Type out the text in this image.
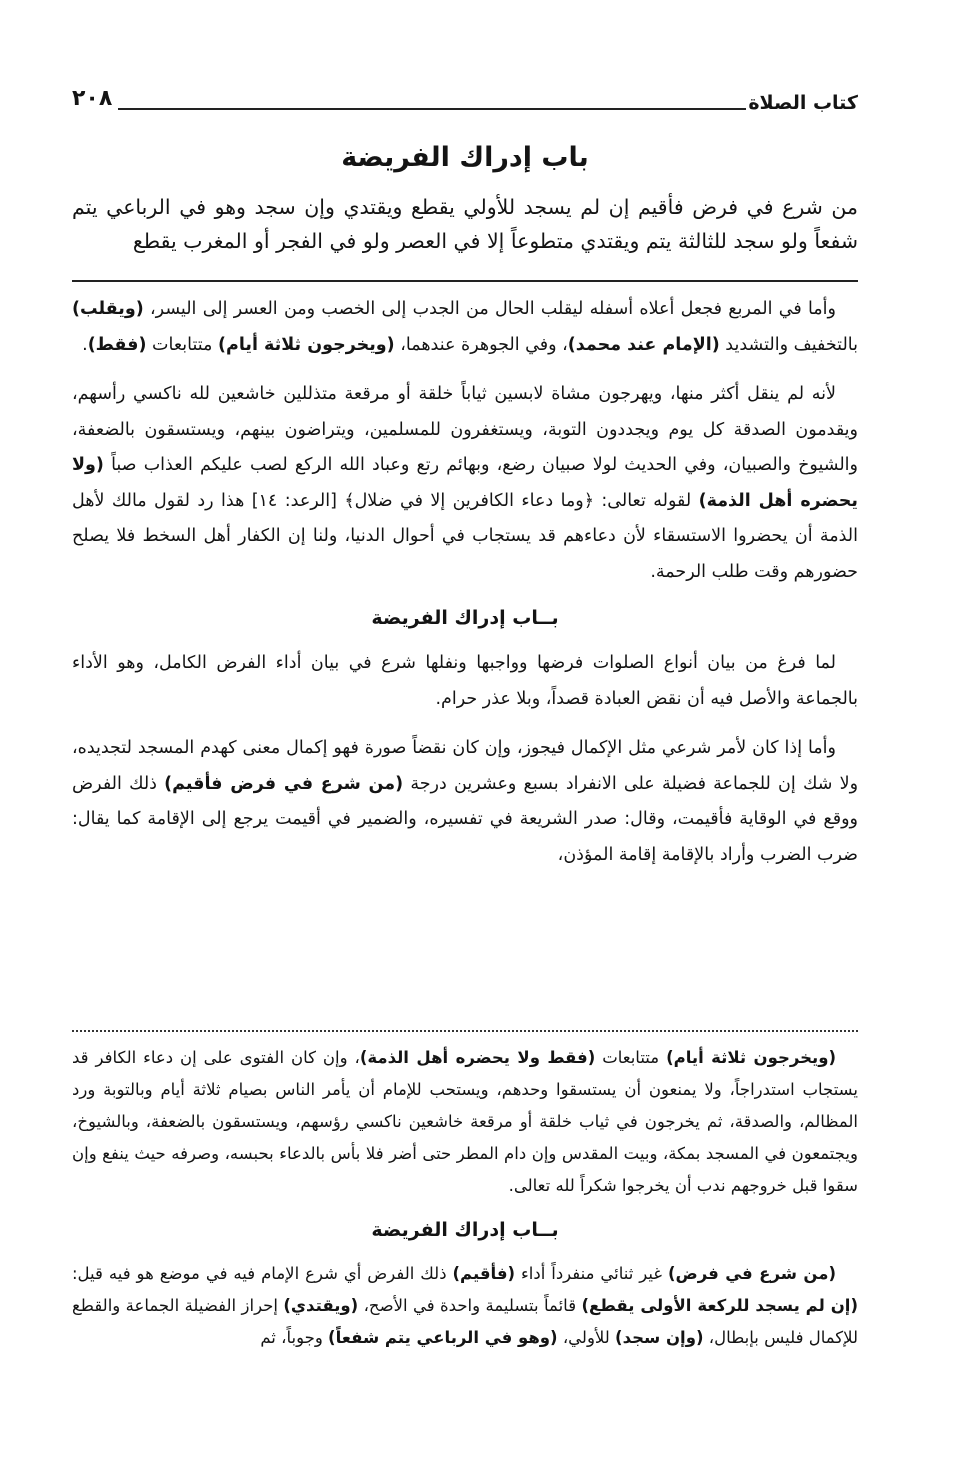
كتاب الصلاة
٢٠٨
باب إدراك الفريضة

من شرع في فرض فأقيم إن لم يسجد للأولي يقطع ويقتدي وإن سجد وهو في الرباعي يتم شفعاً ولو سجد للثالثة يتم ويقتدي متطوعاً إلا في العصر ولو في الفجر أو المغرب يقطع

وأما في المربع فجعل أعلاه أسفله ليقلب الحال من الجدب إلى الخصب ومن العسر إلى اليسر، (ويقلب) بالتخفيف والتشديد (الإمام عند محمد)، وفي الجوهرة عندهما، (ويخرجون ثلاثة أيام) متتابعات (فقط).

لأنه لم ينقل أكثر منها، ويهرجون مشاة لابسين ثياباً خلقة أو مرقعة متذللين خاشعين لله ناكسي رأسهم، ويقدمون الصدقة كل يوم ويجددون التوبة، ويستغفرون للمسلمين، ويتراضون بينهم، ويستسقون بالضعفة، والشيوخ والصبيان، وفي الحديث لولا صبيان رضع، وبهائم رتع وعباد الله الركع لصب عليكم العذاب صباً (ولا يحضره أهل الذمة) لقوله تعالى: ﴿وما دعاء الكافرين إلا في ضلال﴾ [الرعد: ١٤] هذا رد لقول مالك لأهل الذمة أن يحضروا الاستسقاء لأن دعاءهم قد يستجاب في أحوال الدنيا، ولنا إن الكفار أهل السخط فلا يصلح حضورهم وقت طلب الرحمة.

بــاب إدراك الفريضة

لما فرغ من بيان أنواع الصلوات فرضها وواجبها ونفلها شرع في بيان أداء الفرض الكامل، وهو الأداء بالجماعة والأصل فيه أن نقض العبادة قصداً، وبلا عذر حرام.

وأما إذا كان لأمر شرعي مثل الإكمال فيجوز، وإن كان نقضاً صورة فهو إكمال معنى كهدم المسجد لتجديده، ولا شك إن للجماعة فضيلة على الانفراد بسبع وعشرين درجة (من شرع في فرض فأقيم) ذلك الفرض ووقع في الوقاية فأقيمت، وقال: صدر الشريعة في تفسيره، والضمير في أقيمت يرجع إلى الإقامة كما يقال: ضرب الضرب وأراد بالإقامة إقامة المؤذن،

(ويخرجون ثلاثة أيام) متتابعات (فقط ولا يحضره أهل الذمة)، وإن كان الفتوى على إن دعاء الكافر قد يستجاب استدراجاً، ولا يمنعون أن يستسقوا وحدهم، ويستحب للإمام أن يأمر الناس بصيام ثلاثة أيام وبالتوبة ورد المظالم، والصدقة، ثم يخرجون في ثياب خلقة أو مرقعة خاشعين ناكسي رؤسهم، ويستسقون بالضعفة، وبالشيوخ، ويجتمعون في المسجد بمكة، وبيت المقدس وإن دام المطر حتى أضر فلا بأس بالدعاء بحبسه، وصرفه حيث ينفع وإن سقوا قبل خروجهم ندب أن يخرجوا شكراً لله تعالى.

بــاب إدراك الفريضة

(من شرع في فرض) غير ثنائي منفرداً أداء (فأقيم) ذلك الفرض أي شرع الإمام فيه في موضع هو فيه قيل: (إن لم يسجد للركعة الأولى يقطع) قائماً بتسليمة واحدة في الأصح، (ويقتدي) إحراز الفضيلة الجماعة والقطع للإكمال فليس بإبطال، (وإن سجد) للأولي، (وهو في الرباعي يتم شفعاً) وجوباً، ثم
